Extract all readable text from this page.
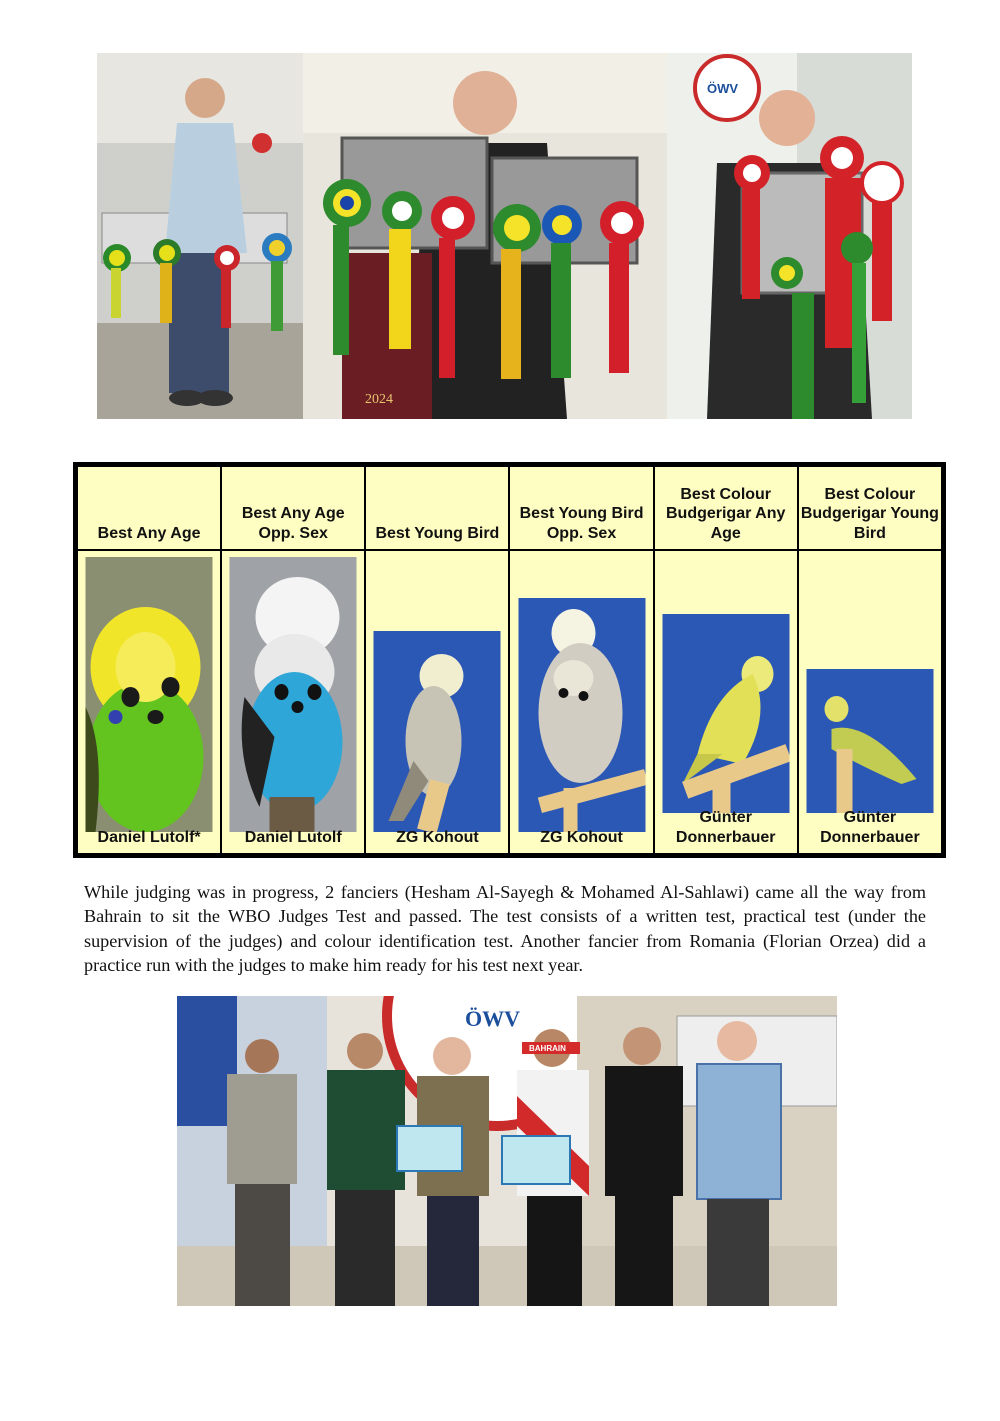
2024
ÖWV
Best Any Age	Best Any Age Opp. Sex	Best Young Bird	Best Young Bird Opp. Sex	Best Colour Budgerigar Any Age	Best Colour Budgerigar Young Bird

Daniel Lutolf*	Daniel Lutolf	ZG Kohout	ZG Kohout	Günter Donnerbauer	Günter Donnerbauer

While judging was in progress, 2 fanciers (Hesham Al-Sayegh & Mohamed Al-Sahlawi) came all the way from Bahrain to sit the WBO Judges Test and passed. The test consists of a written test, practical test (under the supervision of the judges) and colour identification test. Another fancier from Romania (Florian Orzea) did a practice run with the judges to make him ready for his test next year.

ÖWV
BAHRAIN
